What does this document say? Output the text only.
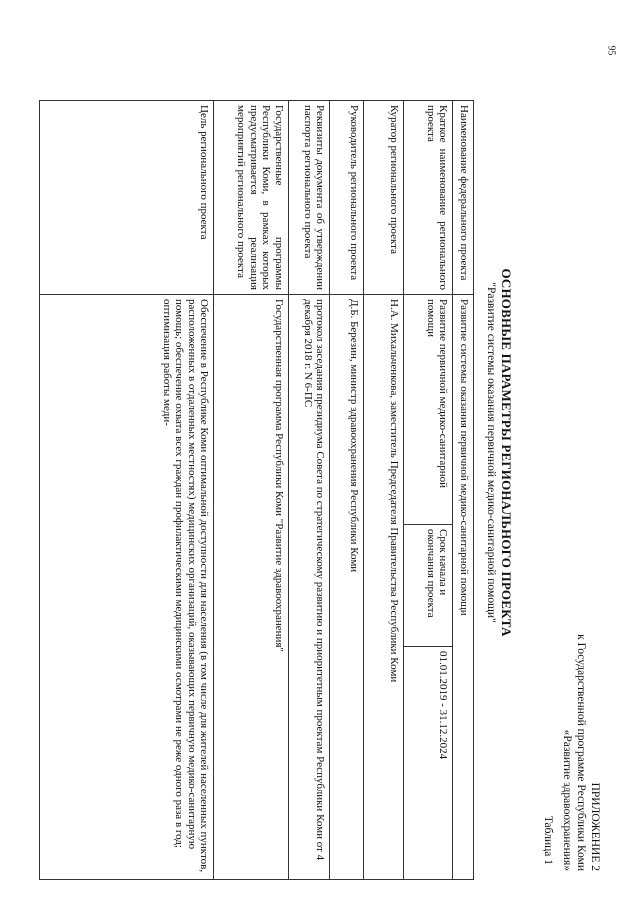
95
ПРИЛОЖЕНИЕ 2
к Государственной программе Республики Коми
«Развитие здравоохранения»
Таблица 1
ОСНОВНЫЕ ПАРАМЕТРЫ РЕГИОНАЛЬНОГО ПРОЕКТА
"Развитие системы оказания первичной медико-санитарной помощи"
Наименование федерального проекта	Развитие системы оказания первичной медико-санитарной помощи		
Краткое наименование регионального проекта	Развитие первичной медико-санитарной помощи	Срок начала и окончания проекта	01.01.2019 - 31.12.2024
Куратор регионального проекта	Н.А. Михальченкова, заместитель Председателя Правительства Республики Коми		
Руководитель регионального проекта	Д.Б. Березин, министр здравоохранения Республики Коми		
Реквизиты документа об утверждении паспорта регионального проекта	протокол заседания президиума Совета по стратегическому развитию и приоритетным проектам Республики Коми от 4 декабря 2018 г. N 6-ПС		
Государственные программы Республики Коми, в рамках которых предусматривается реализация мероприятий регионального проекта	Государственная программа Республики Коми "Развитие здравоохранения"		
Цель регионального проекта	Обеспечение в Республике Коми оптимальной доступности для населения (в том числе для жителей населенных пунктов, расположенных в отдаленных местностях) медицинских организаций, оказывающих первичную медико-санитарную помощь; обеспечение охвата всех граждан профилактическими медицинскими осмотрами не реже одного раза в год; оптимизация работы меди-		
